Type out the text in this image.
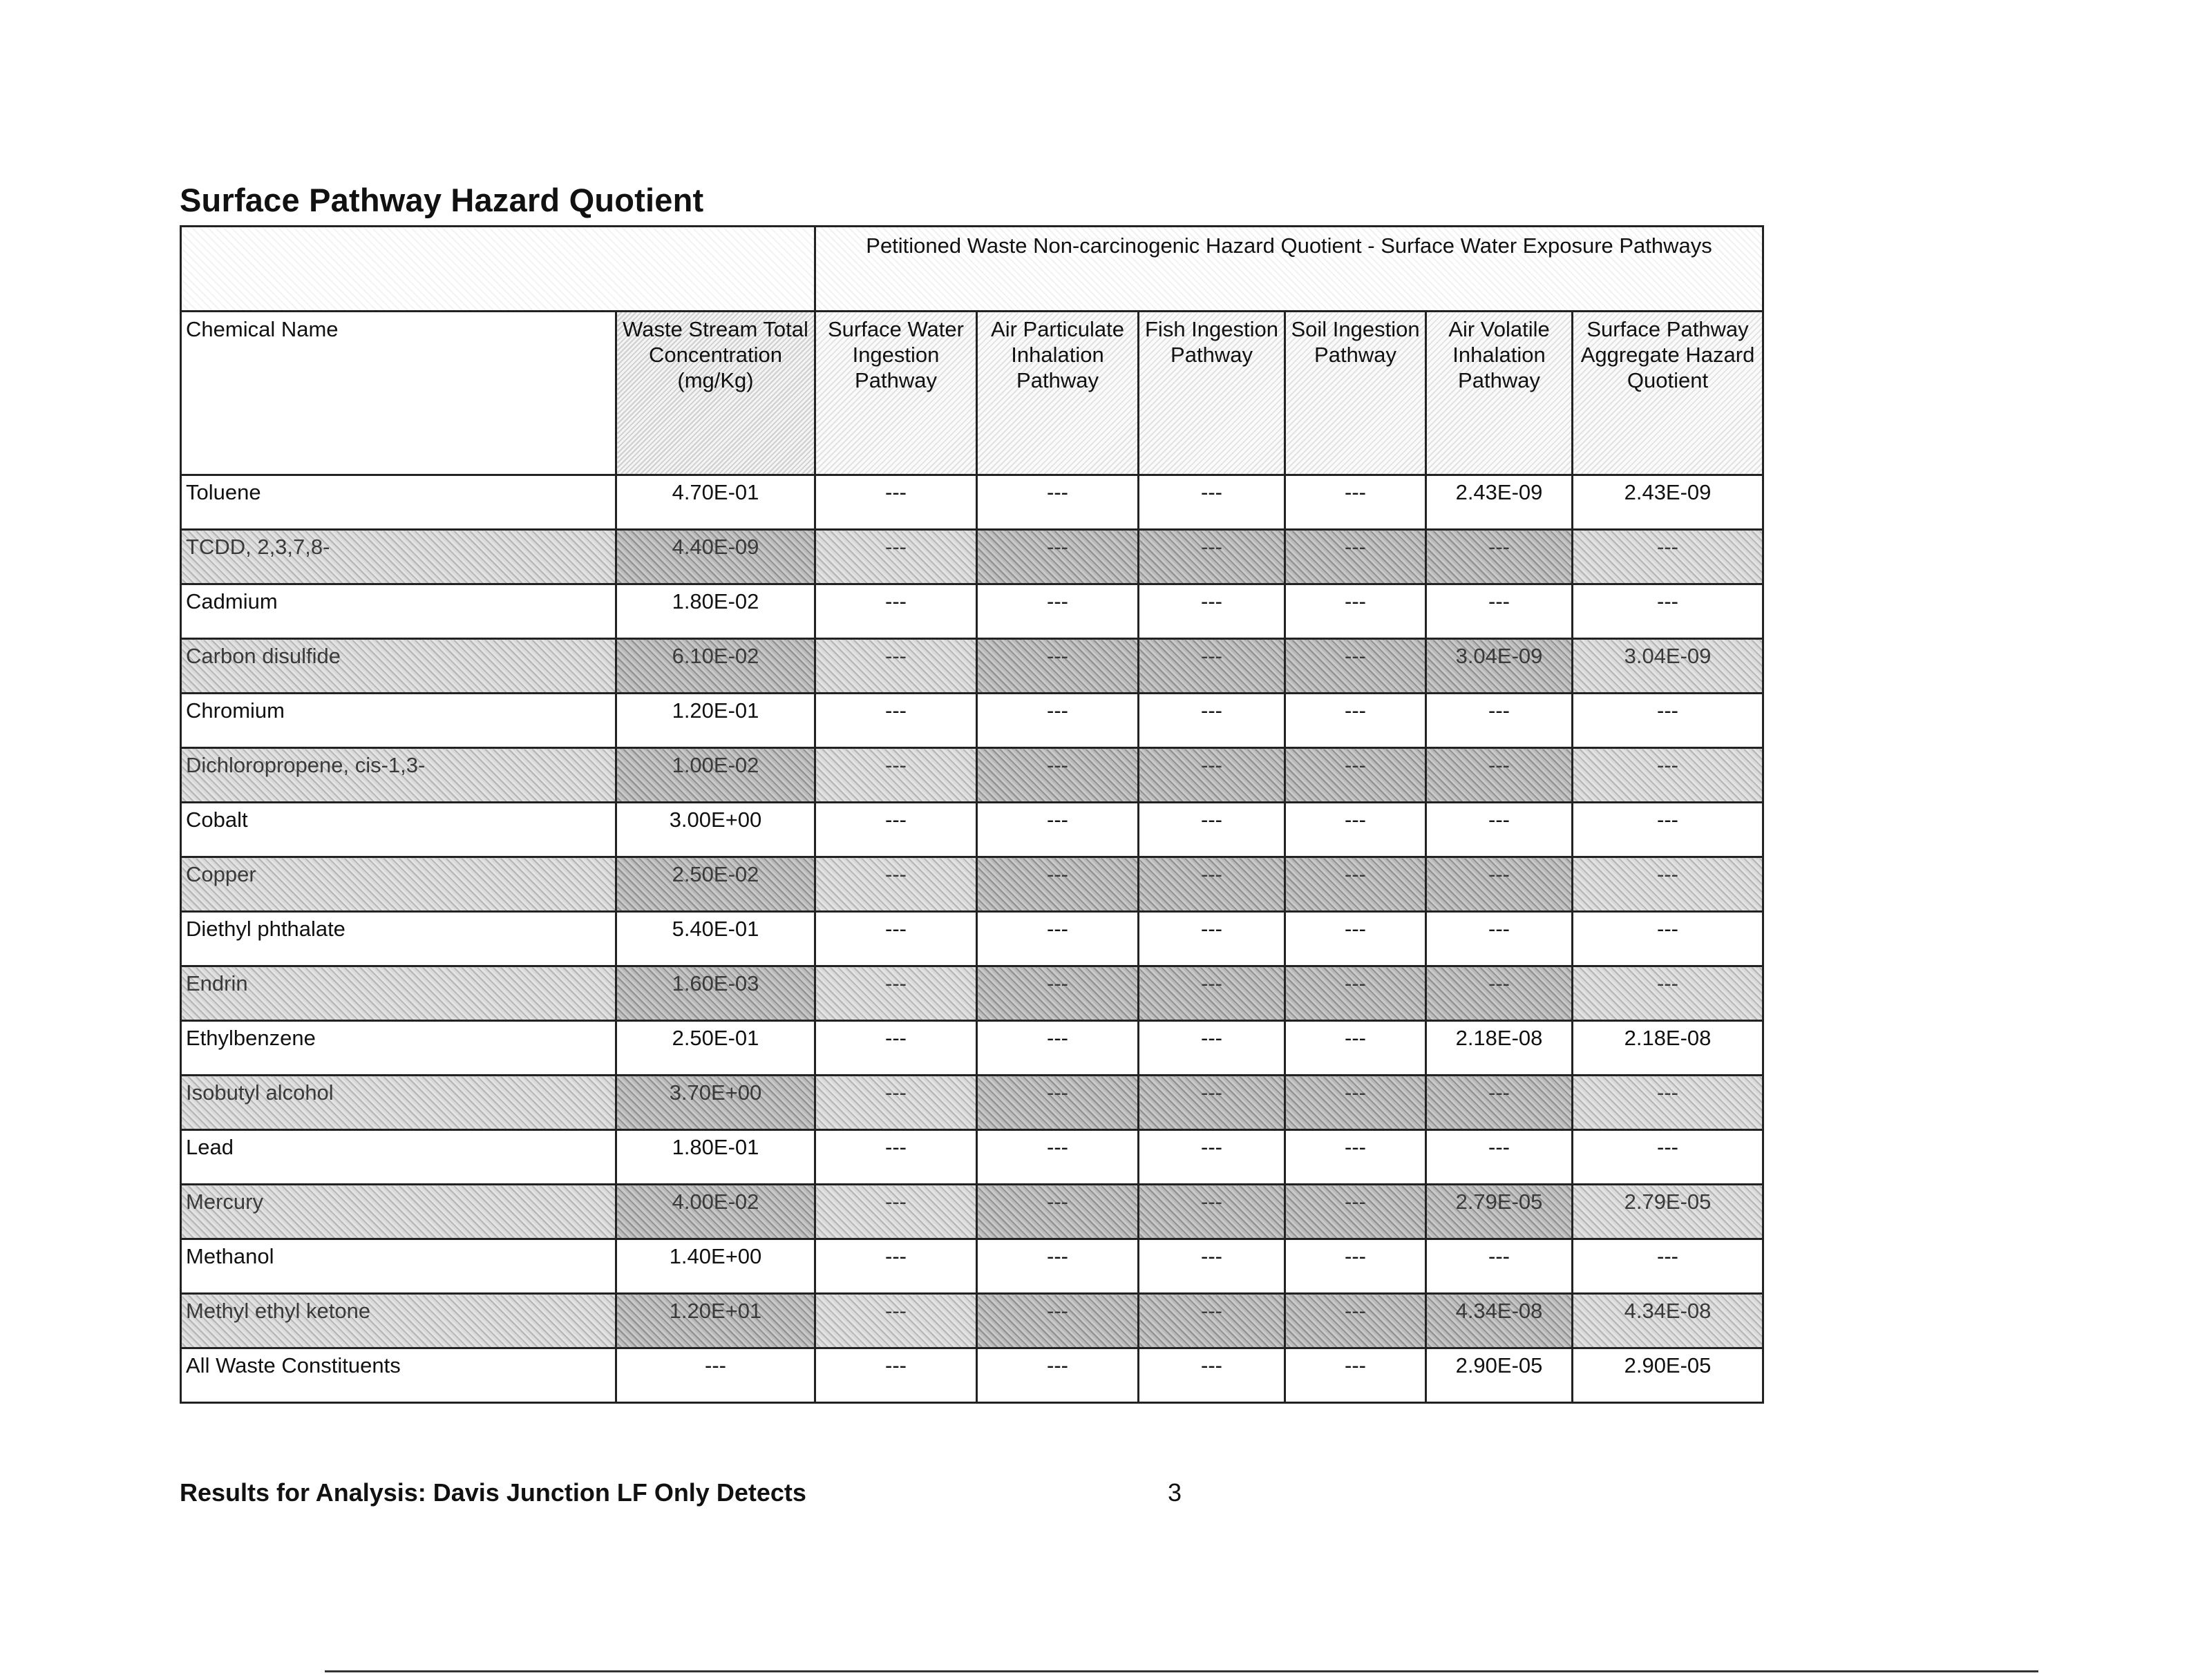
Surface Pathway Hazard Quotient
		Petitioned Waste Non-carcinogenic Hazard Quotient - Surface Water Exposure Pathways					
Chemical Name	Waste Stream Total Concentration (mg/Kg)	Surface Water Ingestion Pathway	Air Particulate Inhalation Pathway	Fish Ingestion Pathway	Soil Ingestion Pathway	Air Volatile Inhalation Pathway	Surface Pathway Aggregate Hazard Quotient
Toluene	4.70E-01	---	---	---	---	2.43E-09	2.43E-09
TCDD, 2,3,7,8-	4.40E-09	---	---	---	---	---	---
Cadmium	1.80E-02	---	---	---	---	---	---
Carbon disulfide	6.10E-02	---	---	---	---	3.04E-09	3.04E-09
Chromium	1.20E-01	---	---	---	---	---	---
Dichloropropene, cis-1,3-	1.00E-02	---	---	---	---	---	---
Cobalt	3.00E+00	---	---	---	---	---	---
Copper	2.50E-02	---	---	---	---	---	---
Diethyl phthalate	5.40E-01	---	---	---	---	---	---
Endrin	1.60E-03	---	---	---	---	---	---
Ethylbenzene	2.50E-01	---	---	---	---	2.18E-08	2.18E-08
Isobutyl alcohol	3.70E+00	---	---	---	---	---	---
Lead	1.80E-01	---	---	---	---	---	---
Mercury	4.00E-02	---	---	---	---	2.79E-05	2.79E-05
Methanol	1.40E+00	---	---	---	---	---	---
Methyl ethyl ketone	1.20E+01	---	---	---	---	4.34E-08	4.34E-08
All Waste Constituents	---	---	---	---	---	2.90E-05	2.90E-05
Results for Analysis: Davis Junction LF Only Detects	3
